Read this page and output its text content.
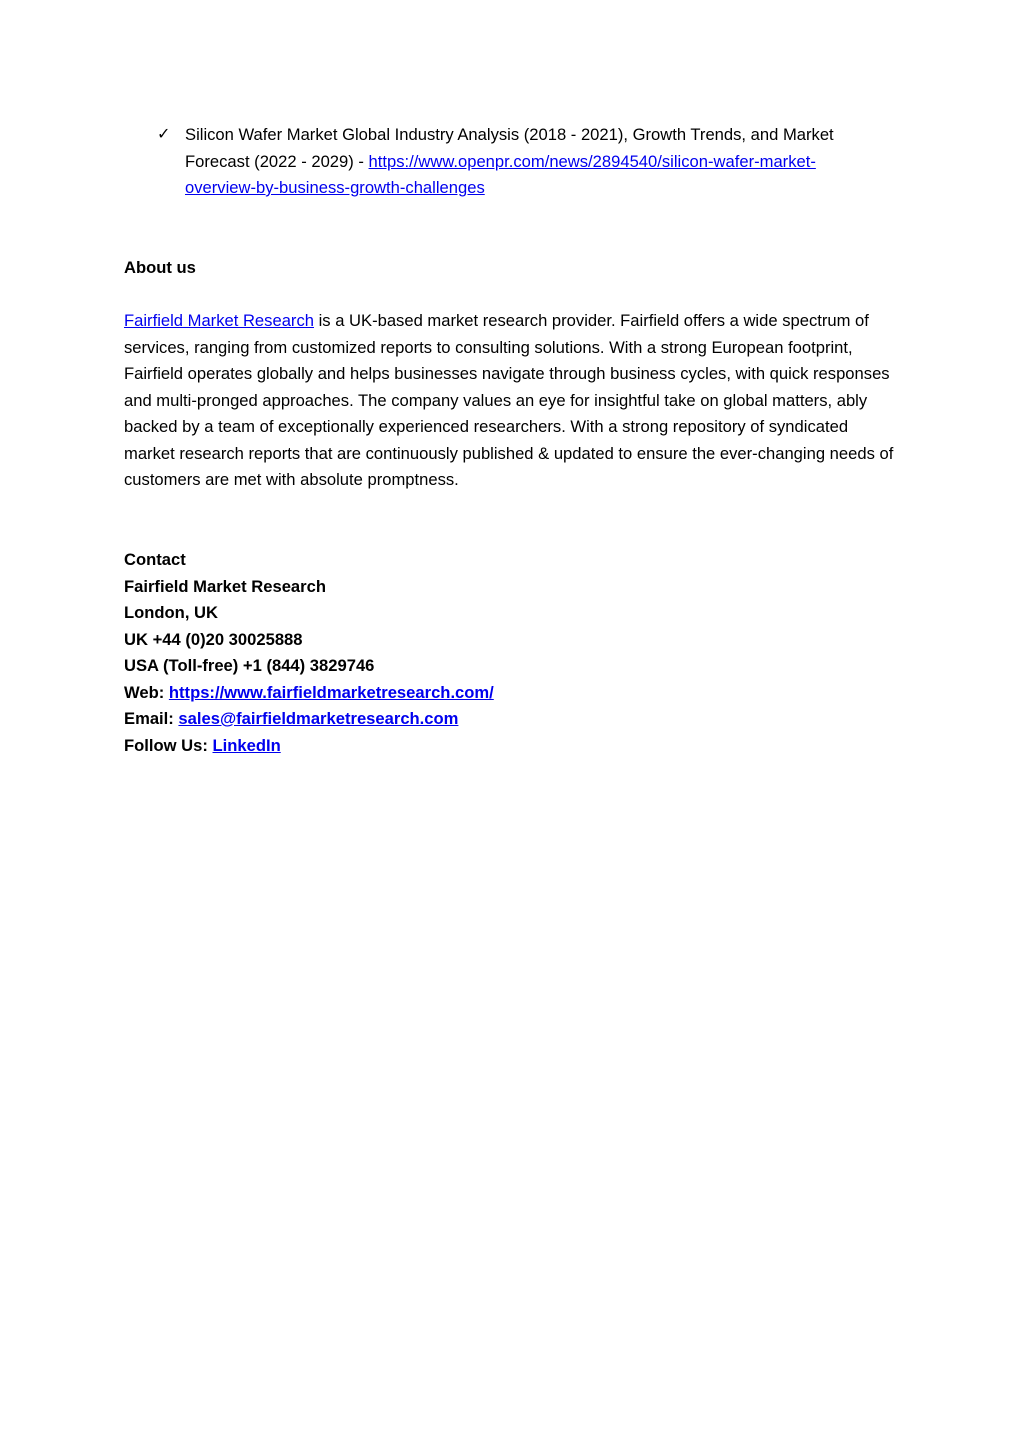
✓ Silicon Wafer Market Global Industry Analysis (2018 - 2021), Growth Trends, and Market Forecast (2022 - 2029) - https://www.openpr.com/news/2894540/silicon-wafer-market-overview-by-business-growth-challenges
About us
Fairfield Market Research is a UK-based market research provider. Fairfield offers a wide spectrum of services, ranging from customized reports to consulting solutions. With a strong European footprint, Fairfield operates globally and helps businesses navigate through business cycles, with quick responses and multi-pronged approaches. The company values an eye for insightful take on global matters, ably backed by a team of exceptionally experienced researchers. With a strong repository of syndicated market research reports that are continuously published & updated to ensure the ever-changing needs of customers are met with absolute promptness.
Contact
Fairfield Market Research
London, UK
UK +44 (0)20 30025888
USA (Toll-free) +1 (844) 3829746
Web: https://www.fairfieldmarketresearch.com/
Email: sales@fairfieldmarketresearch.com
Follow Us: LinkedIn
